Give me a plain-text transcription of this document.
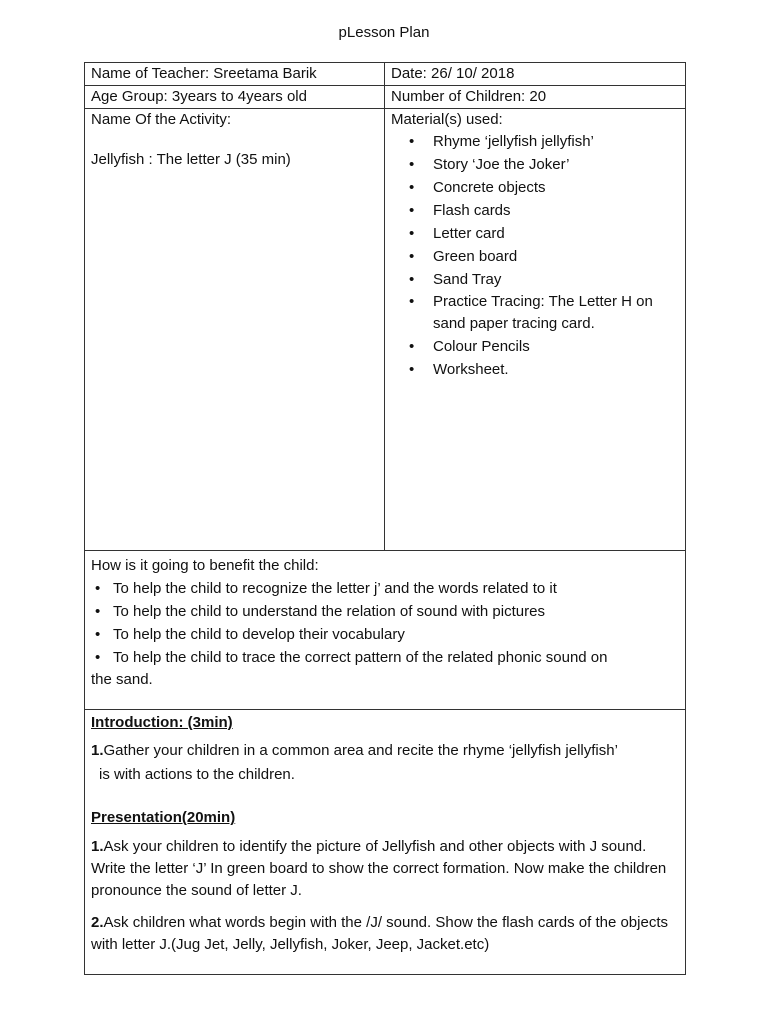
pLesson Plan
Name of Teacher: Sreetama Barik	Date: 26/ 10/ 2018
Age Group: 3years to 4years old	Number of Children: 20
Name Of the Activity:
Jellyfish : The letter J (35 min)
Material(s) used:
• Rhyme ‘jellyfish jellyfish’
• Story ‘Joe the Joker’
• Concrete objects
• Flash cards
• Letter card
• Green board
• Sand Tray
• Practice Tracing: The Letter H on sand paper tracing card.
• Colour Pencils
• Worksheet.
How is it going to benefit the child:
• To help the child to recognize the letter j’ and the words related to it
• To help the child to understand the relation of sound with pictures
• To help the child to develop their vocabulary
• To help the child to trace the correct pattern of the related phonic sound on
the sand.
Introduction: (3min)

1.Gather your children in a common area and recite the rhyme ‘jellyfish jellyfish’

is with actions to the children.

Presentation(20min)

1.Ask your children to identify the picture of Jellyfish and other objects with J sound. Write the letter ‘J’ In green board to show the correct formation. Now make the children pronounce the sound of letter J.

2.Ask children what words begin with the /J/ sound. Show the flash cards of the objects with letter J.(Jug Jet, Jelly, Jellyfish, Joker, Jeep, Jacket.etc)
